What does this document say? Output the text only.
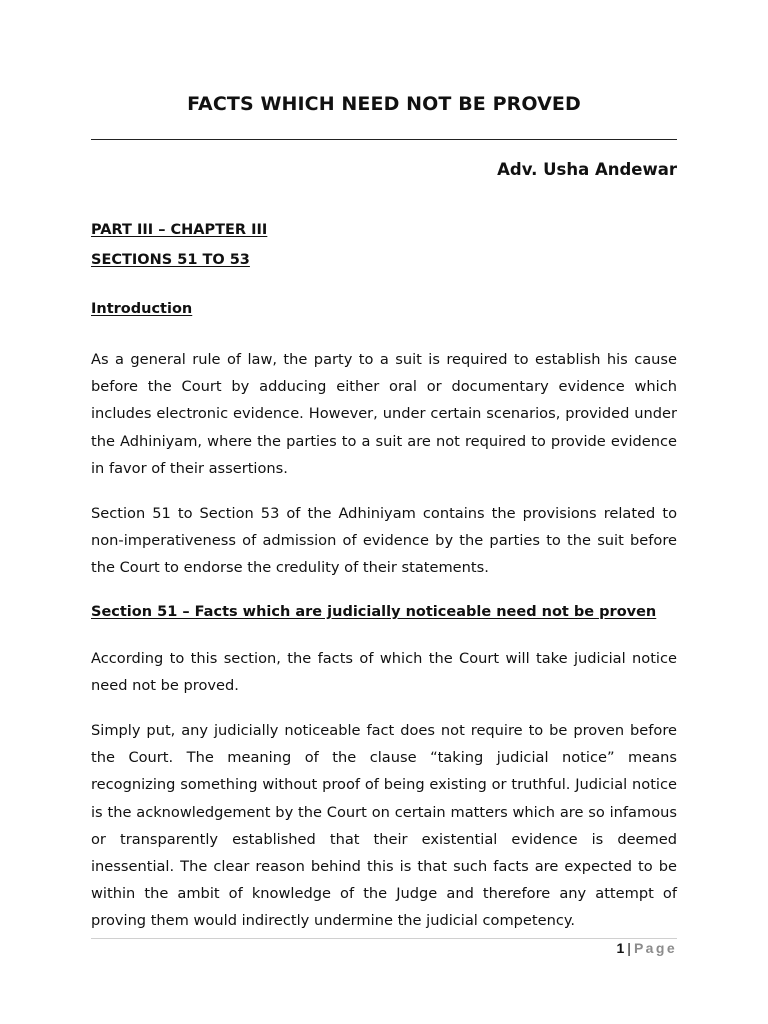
FACTS WHICH NEED NOT BE PROVED
Adv. Usha Andewar
PART III – CHAPTER III
SECTIONS 51 TO 53
Introduction

As a general rule of law, the party to a suit is required to establish his cause before the Court by adducing either oral or documentary evidence which includes electronic evidence. However, under certain scenarios, provided under the Adhiniyam, where the parties to a suit are not required to provide evidence in favor of their assertions.

Section 51 to Section 53 of the Adhiniyam contains the provisions related to non-imperativeness of admission of evidence by the parties to the suit before the Court to endorse the credulity of their statements.

Section 51 – Facts which are judicially noticeable need not be proven

According to this section, the facts of which the Court will take judicial notice need not be proved.

Simply put, any judicially noticeable fact does not require to be proven before the Court. The meaning of the clause “taking judicial notice” means recognizing something without proof of being existing or truthful. Judicial notice is the acknowledgement by the Court on certain matters which are so infamous or transparently established that their existential evidence is deemed inessential. The clear reason behind this is that such facts are expected to be within the ambit of knowledge of the Judge and therefore any attempt of proving them would indirectly undermine the judicial competency.

1 | Page
